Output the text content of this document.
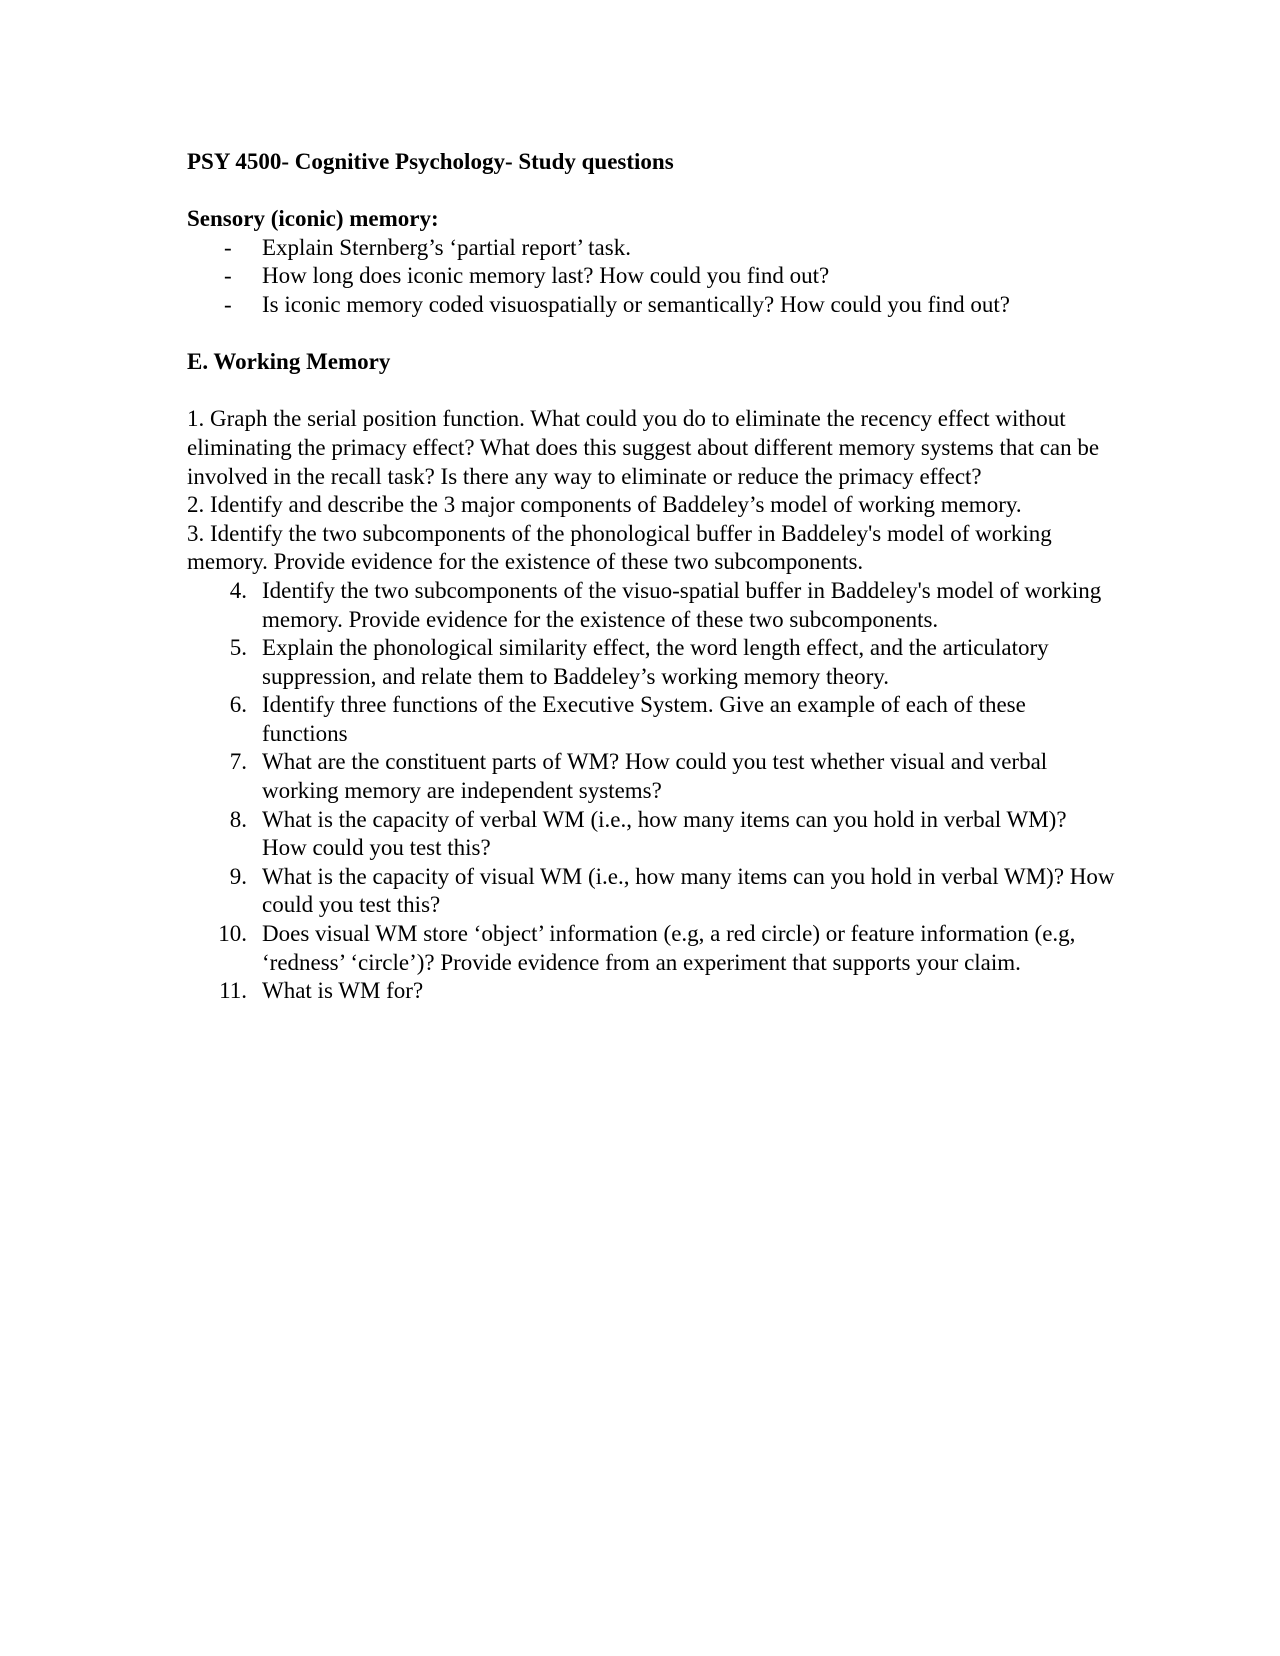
PSY 4500- Cognitive Psychology- Study questions

Sensory (iconic) memory:

- Explain Sternberg’s ‘partial report’ task.
- How long does iconic memory last? How could you find out?
- Is iconic memory coded visuospatially or semantically? How could you find out?

E. Working Memory

1. Graph the serial position function. What could you do to eliminate the recency effect without eliminating the primacy effect? What does this suggest about different memory systems that can be involved in the recall task? Is there any way to eliminate or reduce the primacy effect?

2. Identify and describe the 3 major components of Baddeley’s model of working memory.

3. Identify the two subcomponents of the phonological buffer in Baddeley's model of working memory. Provide evidence for the existence of these two subcomponents.

4. Identify the two subcomponents of the visuo-spatial buffer in Baddeley's model of working memory. Provide evidence for the existence of these two subcomponents.
5. Explain the phonological similarity effect, the word length effect, and the articulatory suppression, and relate them to Baddeley’s working memory theory.
6. Identify three functions of the Executive System. Give an example of each of these functions
7. What are the constituent parts of WM? How could you test whether visual and verbal working memory are independent systems?
8. What is the capacity of verbal WM (i.e., how many items can you hold in verbal WM)? How could you test this?
9. What is the capacity of visual WM (i.e., how many items can you hold in verbal WM)? How could you test this?
10. Does visual WM store ‘object’ information (e.g, a red circle) or feature information (e.g, ‘redness’ ‘circle’)? Provide evidence from an experiment that supports your claim.
11. What is WM for?
